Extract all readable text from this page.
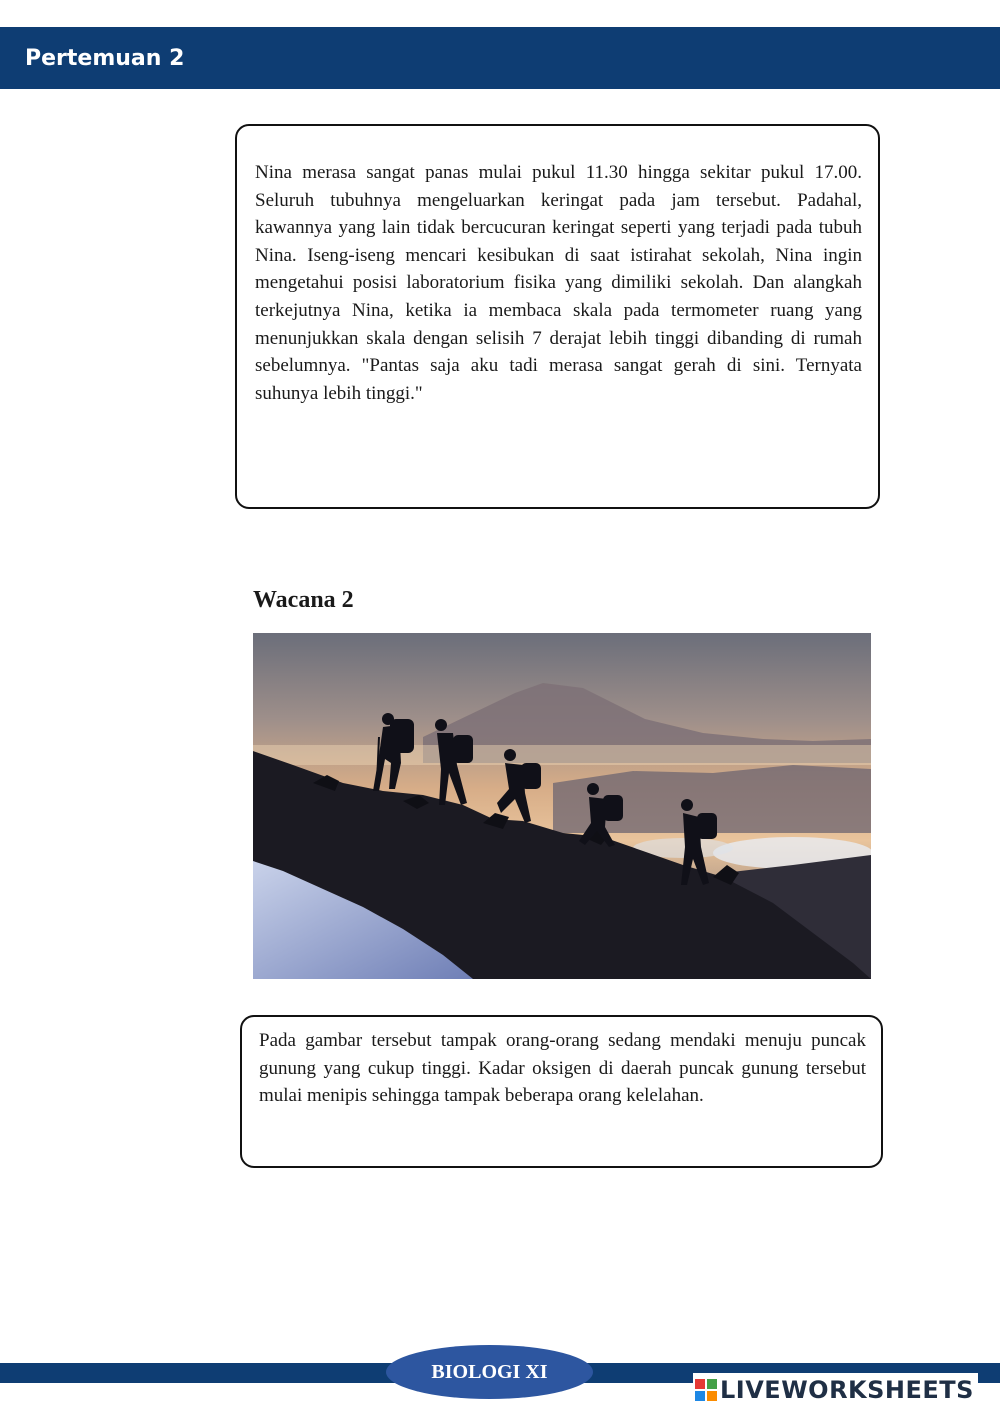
Pertemuan 2

Nina merasa sangat panas mulai pukul 11.30 hingga sekitar pukul 17.00. Seluruh tubuhnya mengeluarkan keringat pada jam tersebut. Padahal, kawannya yang lain tidak bercucuran keringat seperti yang terjadi pada tubuh Nina. Iseng-iseng mencari kesibukan di saat istirahat sekolah, Nina ingin mengetahui posisi laboratorium fisika yang dimiliki sekolah. Dan alangkah terkejutnya Nina, ketika ia membaca skala pada termometer ruang yang menunjukkan skala dengan selisih 7 derajat lebih tinggi dibanding di rumah sebelumnya. "Pantas saja aku tadi merasa sangat gerah di sini. Ternyata suhunya lebih tinggi."

Wacana 2

Pada gambar tersebut tampak orang-orang sedang mendaki menuju puncak gunung yang cukup tinggi. Kadar oksigen di daerah puncak gunung tersebut mulai menipis sehingga tampak beberapa orang kelelahan.

BIOLOGI XI
LIVEWORKSHEETS
